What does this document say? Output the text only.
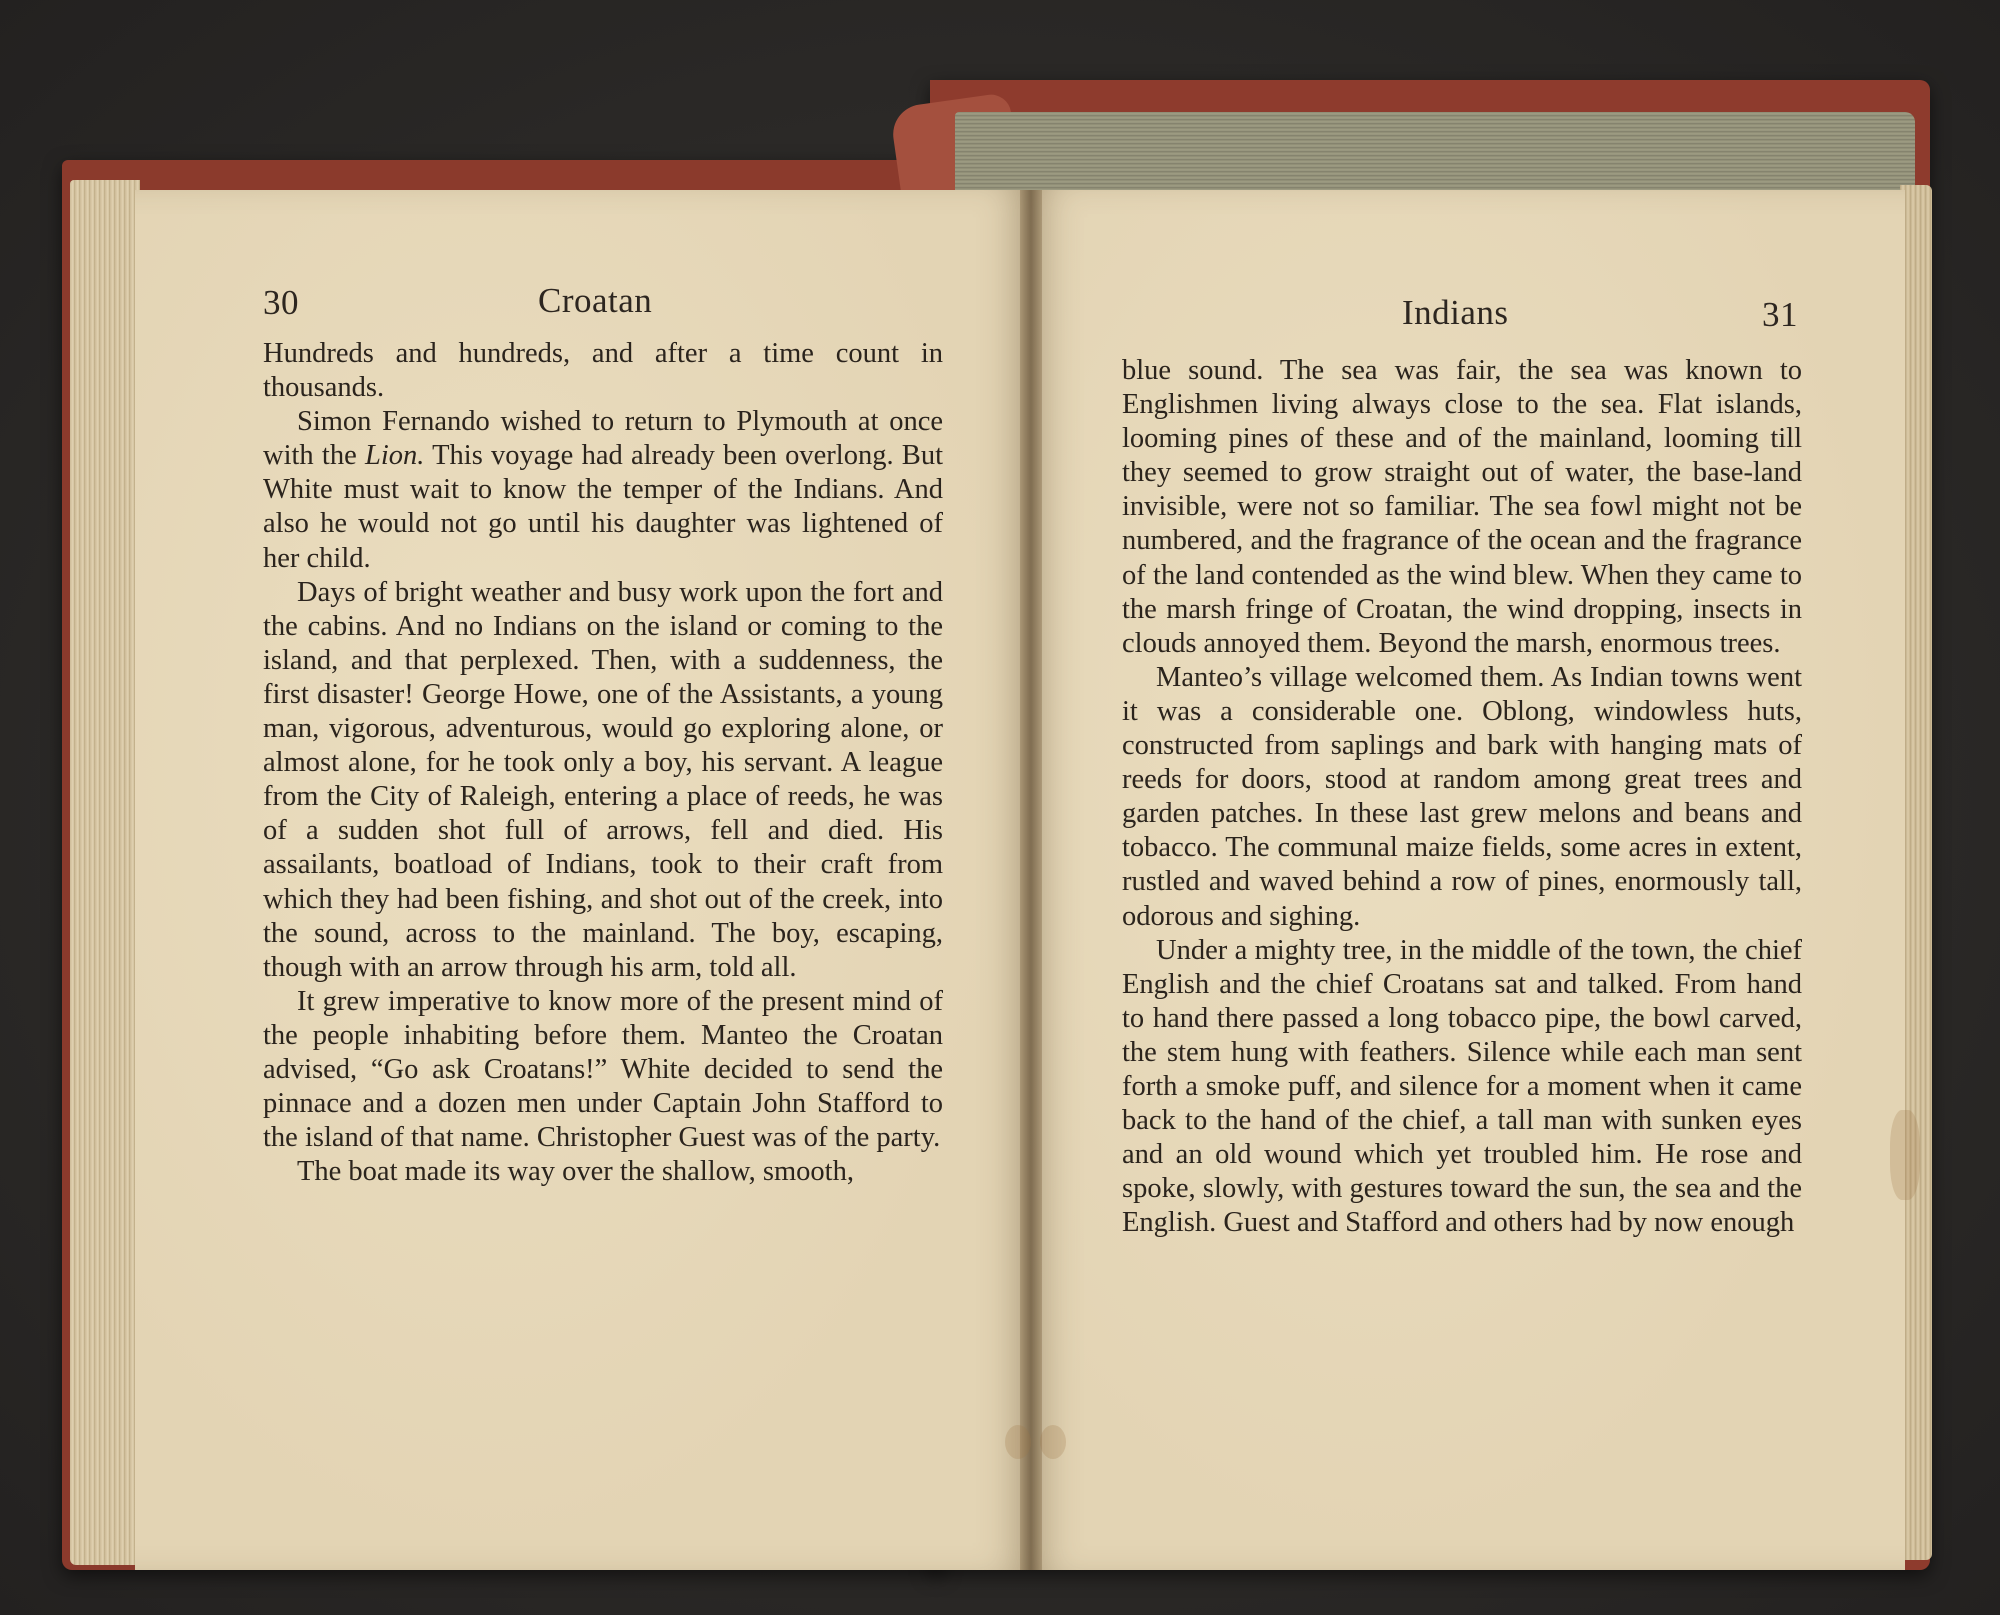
30	Croatan	Indians	31

Hundreds and hundreds, and after a time count in thousands.

Simon Fernando wished to return to Plymouth at once with the Lion. This voyage had already been overlong. But White must wait to know the temper of the Indians. And also he would not go until his daughter was lightened of her child.

Days of bright weather and busy work upon the fort and the cabins. And no Indians on the island or coming to the island, and that perplexed. Then, with a suddenness, the first disaster! George Howe, one of the Assistants, a young man, vigorous, adventurous, would go exploring alone, or almost alone, for he took only a boy, his servant. A league from the City of Raleigh, entering a place of reeds, he was of a sudden shot full of arrows, fell and died. His assailants, boatload of Indians, took to their craft from which they had been fishing, and shot out of the creek, into the sound, across to the mainland. The boy, escaping, though with an arrow through his arm, told all.

It grew imperative to know more of the present mind of the people inhabiting before them. Manteo the Croatan advised, “Go ask Croatans!” White decided to send the pinnace and a dozen men under Captain John Stafford to the island of that name. Christopher Guest was of the party.

The boat made its way over the shallow, smooth,

blue sound. The sea was fair, the sea was known to Englishmen living always close to the sea. Flat islands, looming pines of these and of the mainland, looming till they seemed to grow straight out of water, the base-land invisible, were not so familiar. The sea fowl might not be numbered, and the fragrance of the ocean and the fragrance of the land contended as the wind blew. When they came to the marsh fringe of Croatan, the wind dropping, insects in clouds annoyed them. Beyond the marsh, enormous trees.

Manteo’s village welcomed them. As Indian towns went it was a considerable one. Oblong, windowless huts, constructed from saplings and bark with hanging mats of reeds for doors, stood at random among great trees and garden patches. In these last grew melons and beans and tobacco. The communal maize fields, some acres in extent, rustled and waved behind a row of pines, enormously tall, odorous and sighing.

Under a mighty tree, in the middle of the town, the chief English and the chief Croatans sat and talked. From hand to hand there passed a long tobacco pipe, the bowl carved, the stem hung with feathers. Silence while each man sent forth a smoke puff, and silence for a moment when it came back to the hand of the chief, a tall man with sunken eyes and an old wound which yet troubled him. He rose and spoke, slowly, with gestures toward the sun, the sea and the English. Guest and Stafford and others had by now enough
